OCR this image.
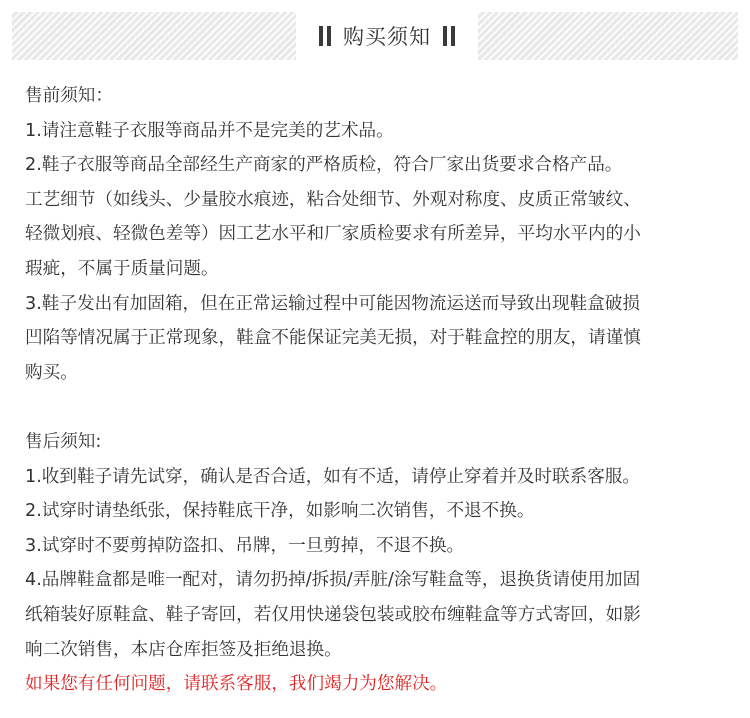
购买须知

售前须知：

1.请注意鞋子衣服等商品并不是完美的艺术品。

2.鞋子衣服等商品全部经生产商家的严格质检，符合厂家出货要求合格产品。

工艺细节（如线头、少量胶水痕迹，粘合处细节、外观对称度、皮质正常皱纹、

轻微划痕、轻微色差等）因工艺水平和厂家质检要求有所差异，平均水平内的小

瑕疵，不属于质量问题。

3.鞋子发出有加固箱，但在正常运输过程中可能因物流运送而导致出现鞋盒破损

凹陷等情况属于正常现象，鞋盒不能保证完美无损，对于鞋盒控的朋友，请谨慎

购买。

售后须知:

1.收到鞋子请先试穿，确认是否合适，如有不适，请停止穿着并及时联系客服。

2.试穿时请垫纸张，保持鞋底干净，如影响二次销售，不退不换。

3.试穿时不要剪掉防盗扣、吊牌，一旦剪掉，不退不换。

4.品牌鞋盒都是唯一配对，请勿扔掉/拆损/弄脏/涂写鞋盒等，退换货请使用加固

纸箱装好原鞋盒、鞋子寄回，若仅用快递袋包装或胶布缠鞋盒等方式寄回，如影

响二次销售，本店仓库拒签及拒绝退换。

如果您有任何问题，请联系客服，我们竭力为您解决。
